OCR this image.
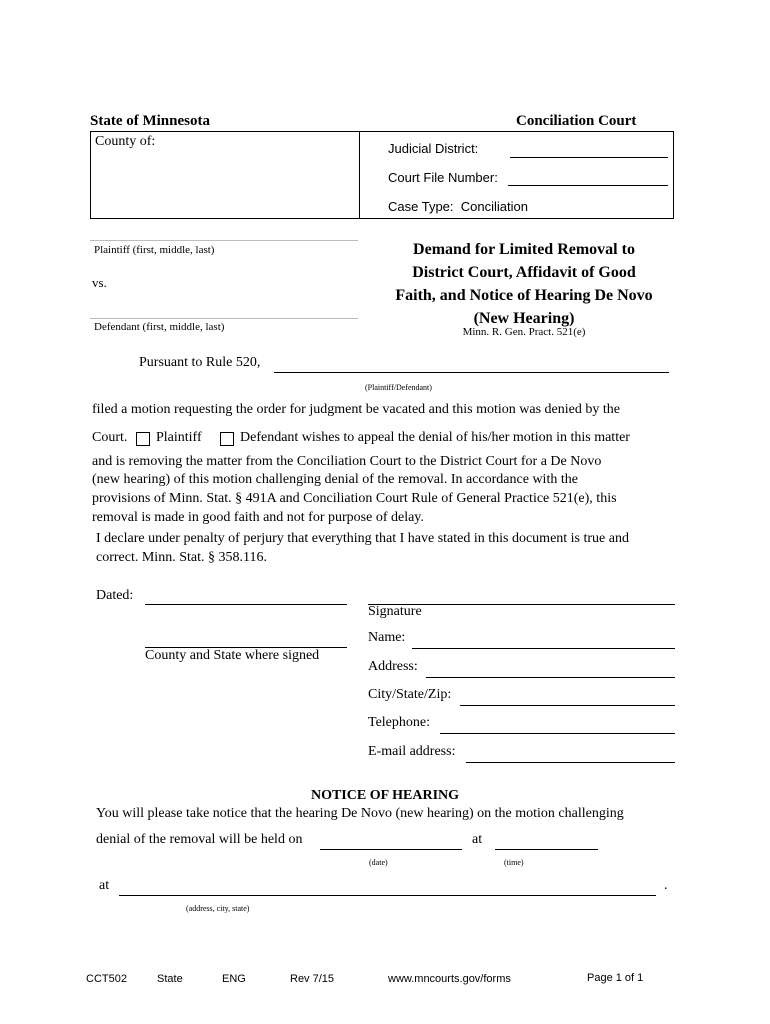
State of Minnesota	Conciliation Court
County of:	Judicial District:
Court File Number:
Case Type: Conciliation
Plaintiff (first, middle, last)
vs.
Defendant (first, middle, last)
Demand for Limited Removal to
District Court, Affidavit of Good
Faith, and Notice of Hearing De Novo
(New Hearing)
Minn. R. Gen. Pract. 521(e)
Pursuant to Rule 520,
(Plaintiff/Defendant)
filed a motion requesting the order for judgment be vacated and this motion was denied by the
Court. Plaintiff	Defendant wishes to appeal the denial of his/her motion in this matter
and is removing the matter from the Conciliation Court to the District Court for a De Novo
(new hearing) of this motion challenging denial of the removal. In accordance with the
provisions of Minn. Stat. § 491A and Conciliation Court Rule of General Practice 521(e), this
removal is made in good faith and not for purpose of delay.
I declare under penalty of perjury that everything that I have stated in this document is true and
correct. Minn. Stat. § 358.116.
Dated:
Signature
County and State where signed
Name:
Address:
City/State/Zip:
Telephone:
E-mail address:
NOTICE OF HEARING
You will please take notice that the hearing De Novo (new hearing) on the motion challenging
denial of the removal will be held on	at
(date)	(time)
at	.
(address, city, state)
CCT502	State	ENG	Rev 7/15	www.mncourts.gov/forms	Page 1 of 1
